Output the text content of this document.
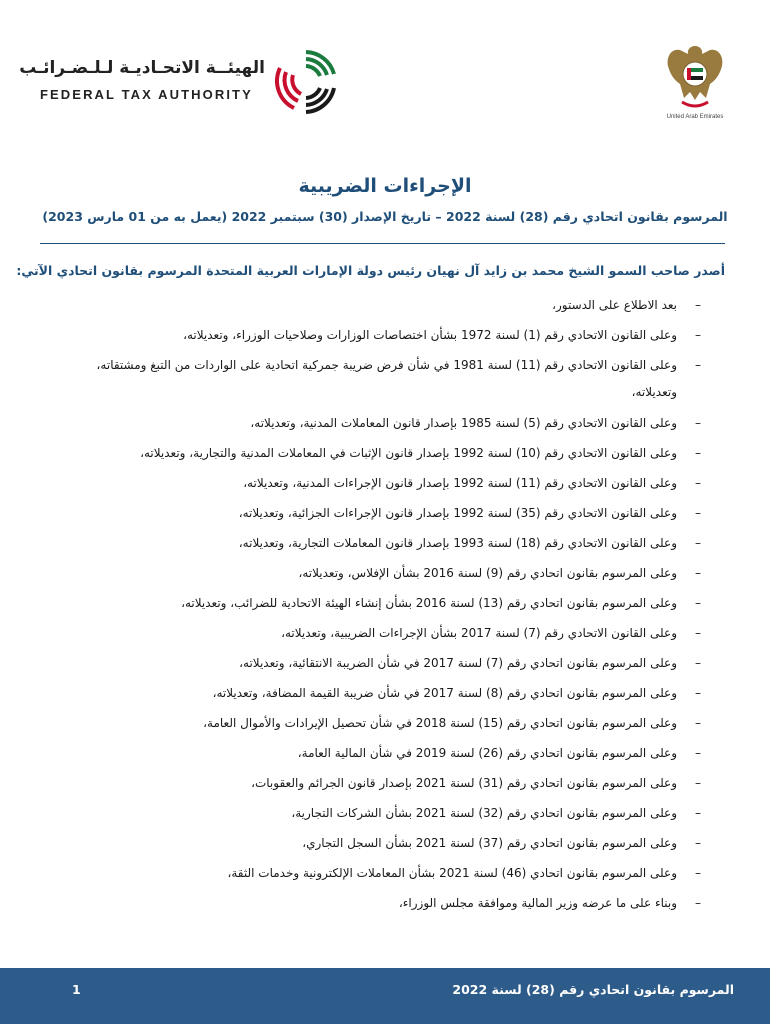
الهيئــة الاتحـاديـة لـلـضـرائـب
FEDERAL TAX AUTHORITY
United Arab Emirates
الإجراءات الضريبية
المرسوم بقانون اتحادي رقم (28) لسنة 2022 – تاريخ الإصدار (30) سبتمبر 2022 (يعمل به من 01 مارس 2023)
أصدر صاحب السمو الشيخ محمد بن زايد آل نهيان رئيس دولة الإمارات العربية المتحدة المرسوم بقانون اتحادي الآتي:
–
بعد الاطلاع على الدستور،
–
وعلى القانون الاتحادي رقم (1) لسنة 1972 بشأن اختصاصات الوزارات وصلاحيات الوزراء، وتعديلاته،
–
وعلى القانون الاتحادي رقم (11) لسنة 1981 في شأن فرض ضريبة جمركية اتحادية على الواردات من التبغ ومشتقاته، وتعديلاته،
–
وعلى القانون الاتحادي رقم (5) لسنة 1985 بإصدار قانون المعاملات المدنية، وتعديلاته،
–
وعلى القانون الاتحادي رقم (10) لسنة 1992 بإصدار قانون الإثبات في المعاملات المدنية والتجارية، وتعديلاته،
–
وعلى القانون الاتحادي رقم (11) لسنة 1992 بإصدار قانون الإجراءات المدنية، وتعديلاته،
–
وعلى القانون الاتحادي رقم (35) لسنة 1992 بإصدار قانون الإجراءات الجزائية، وتعديلاته،
–
وعلى القانون الاتحادي رقم (18) لسنة 1993 بإصدار قانون المعاملات التجارية، وتعديلاته،
–
وعلى المرسوم بقانون اتحادي رقم (9) لسنة 2016 بشأن الإفلاس، وتعديلاته،
–
وعلى المرسوم بقانون اتحادي رقم (13) لسنة 2016 بشأن إنشاء الهيئة الاتحادية للضرائب، وتعديلاته،
–
وعلى القانون الاتحادي رقم (7) لسنة 2017 بشأن الإجراءات الضريبية، وتعديلاته،
–
وعلى المرسوم بقانون اتحادي رقم (7) لسنة 2017 في شأن الضريبة الانتقائية، وتعديلاته،
–
وعلى المرسوم بقانون اتحادي رقم (8) لسنة 2017 في شأن ضريبة القيمة المضافة، وتعديلاته،
–
وعلى المرسوم بقانون اتحادي رقم (15) لسنة 2018 في شأن تحصيل الإيرادات والأموال العامة،
–
وعلى المرسوم بقانون اتحادي رقم (26) لسنة 2019 في شأن المالية العامة،
–
وعلى المرسوم بقانون اتحادي رقم (31) لسنة 2021 بإصدار قانون الجرائم والعقوبات،
–
وعلى المرسوم بقانون اتحادي رقم (32) لسنة 2021 بشأن الشركات التجارية،
–
وعلى المرسوم بقانون اتحادي رقم (37) لسنة 2021 بشأن السجل التجاري،
–
وعلى المرسوم بقانون اتحادي (46) لسنة 2021 بشأن المعاملات الإلكترونية وخدمات الثقة،
–
وبناء على ما عرضه وزير المالية وموافقة مجلس الوزراء،
المرسوم بقانون اتحادي رقم (28) لسنة 2022
1
